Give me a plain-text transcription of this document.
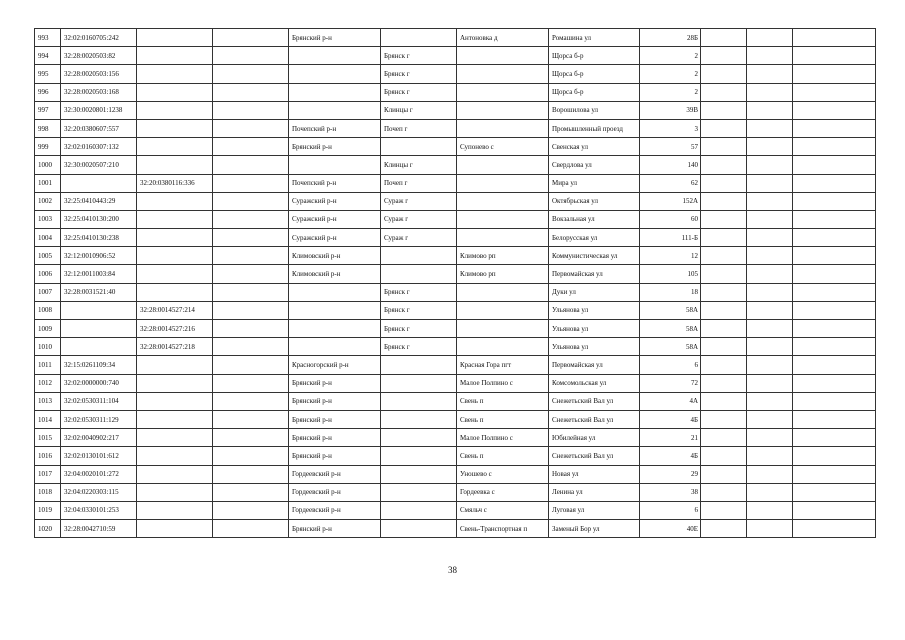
993	32:02:0160705:242			Брянский р-н		Антоновка д	Ромашина ул	28Б			
994	32:28:0020503:82				Брянск г		Щорса б-р	2			
995	32:28:0020503:156				Брянск г		Щорса б-р	2			
996	32:28:0020503:168				Брянск г		Щорса б-р	2			
997	32:30:0020801:1238				Клинцы г		Ворошилова ул	39В			
998	32:20:0380607:557			Почепский р-н	Почеп г		Промышленный проезд	3			
999	32:02:0160307:132			Брянский р-н		Супонево с	Свенская ул	57			
1000	32:30:0020507:210				Клинцы г		Свердлова ул	140			
1001		32:20:0380116:336		Почепский р-н	Почеп г		Мира ул	62			
1002	32:25:0410443:29			Суражский р-н	Сураж г		Октябрьская ул	152А			
1003	32:25:0410130:200			Суражский р-н	Сураж г		Вокзальная ул	60			
1004	32:25:0410130:238			Суражский р-н	Сураж г		Белорусская ул	111-Б			
1005	32:12:0010906:52			Климовский р-н		Климово рп	Коммунистическая ул	12			
1006	32:12:0011003:84			Климовский р-н		Климово рп	Первомайская ул	105			
1007	32:28:0031521:40				Брянск г		Дуки ул	18			
1008		32:28:0014527:214			Брянск г		Ульянова ул	58А			
1009		32:28:0014527:216			Брянск г		Ульянова ул	58А			
1010		32:28:0014527:218			Брянск г		Ульянова ул	58А			
1011	32:15:0261109:34			Красногорский р-н		Красная Гора пгт	Первомайская ул	6			
1012	32:02:0000000:740			Брянский р-н		Малое Полпино с	Комсомольская ул	72			
1013	32:02:0530311:104			Брянский р-н		Свень п	Снежетьский Вал ул	4А			
1014	32:02:0530311:129			Брянский р-н		Свень п	Снежетьский Вал ул	4Б			
1015	32:02:0040902:217			Брянский р-н		Малое Полпино с	Юбилейная ул	21			
1016	32:02:0130101:612			Брянский р-н		Свень п	Снежетьский Вал ул	4Б			
1017	32:04:0020101:272			Гордеевский р-н		Уношево с	Новая ул	29			
1018	32:04:0220303:115			Гордеевский р-н		Гордеевка с	Ленина ул	38			
1019	32:04:0330101:253			Гордеевский р-н		Смяльч с	Луговая ул	6			
1020	32:28:0042710:59			Брянский р-н		Свень-Транспортная п	Заменый Бор ул	40Е			
38
